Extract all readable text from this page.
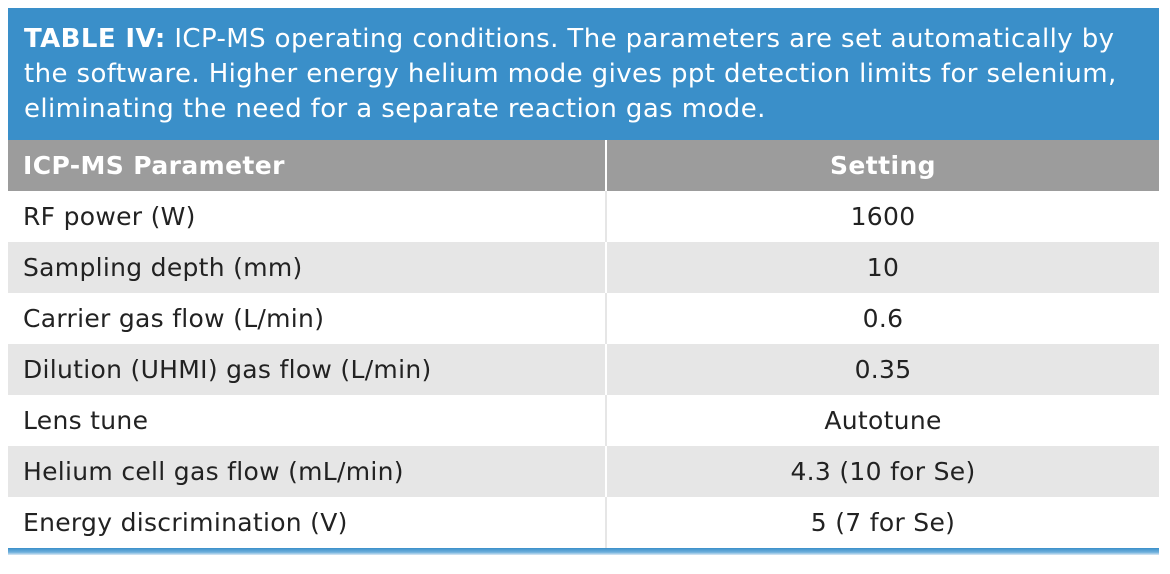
TABLE IV: ICP-MS operating conditions. The parameters are set automatically by the software. Higher energy helium mode gives ppt detection limits for selenium, eliminating the need for a separate reaction gas mode.
ICP-MS Parameter	Setting
RF power (W)	1600
Sampling depth (mm)	10
Carrier gas flow (L/min)	0.6
Dilution (UHMI) gas flow (L/min)	0.35
Lens tune	Autotune
Helium cell gas flow (mL/min)	4.3 (10 for Se)
Energy discrimination (V)	5 (7 for Se)
